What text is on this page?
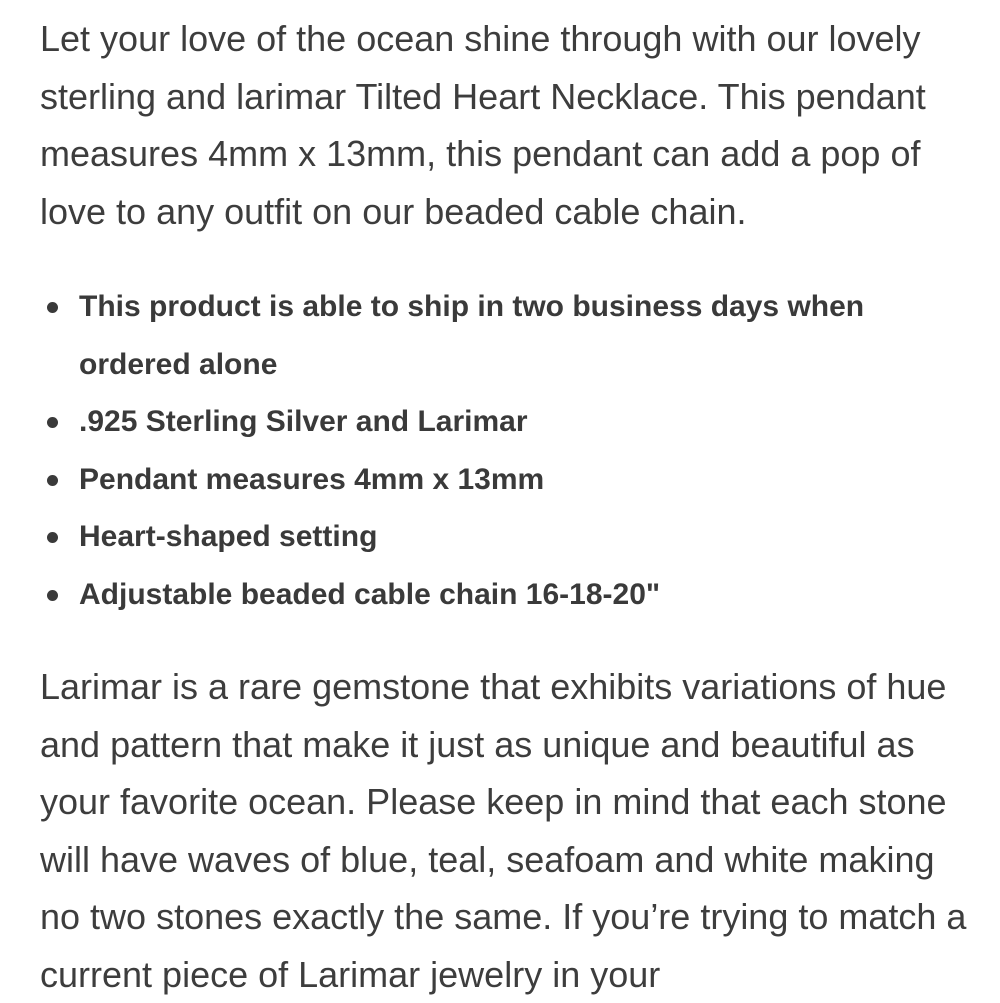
Let your love of the ocean shine through with our lovely sterling and larimar Tilted Heart Necklace. This pendant measures 4mm x 13mm, this pendant can add a pop of love to any outfit on our beaded cable chain.

This product is able to ship in two business days when ordered alone
.925 Sterling Silver and Larimar
Pendant measures 4mm x 13mm
Heart-shaped setting
Adjustable beaded cable chain 16-18-20"

Larimar is a rare gemstone that exhibits variations of hue and pattern that make it just as unique and beautiful as your favorite ocean. Please keep in mind that each stone will have waves of blue, teal, seafoam and white making no two stones exactly the same. If you’re trying to match a current piece of Larimar jewelry in your
